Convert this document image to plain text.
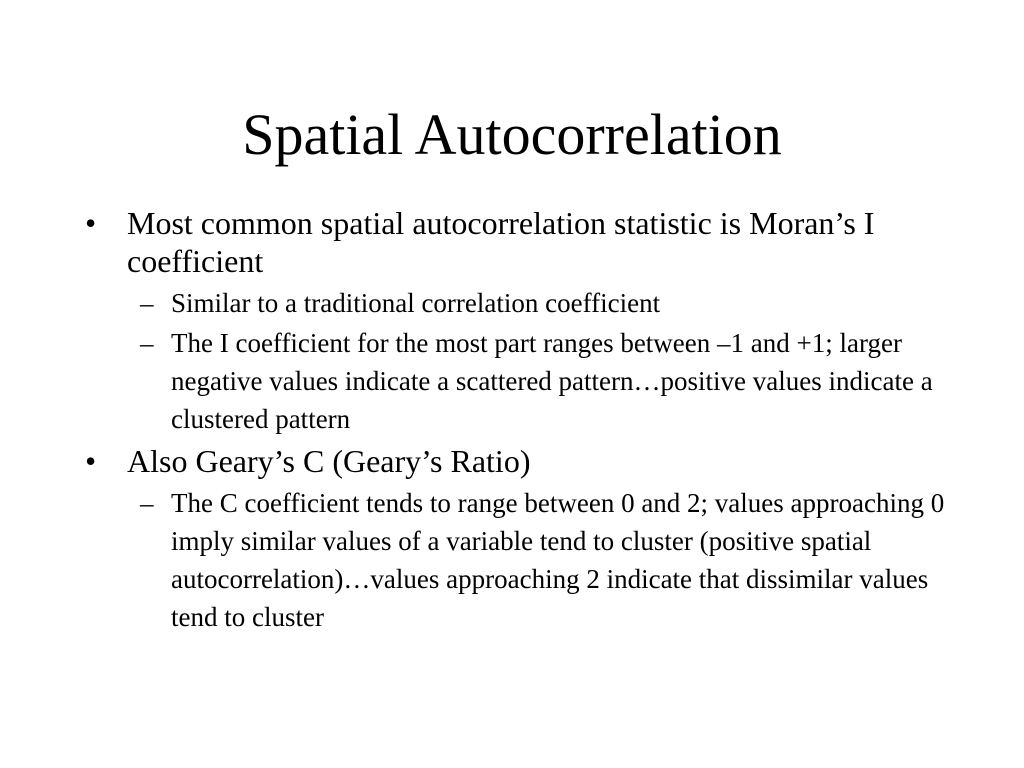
Spatial Autocorrelation
• Most common spatial autocorrelation statistic is Moran’s I coefficient
– Similar to a traditional correlation coefficient
– The I coefficient for the most part ranges between –1 and +1; larger negative values indicate a scattered pattern…positive values indicate a clustered pattern
• Also Geary’s C (Geary’s Ratio)
– The C coefficient tends to range between 0 and 2; values approaching 0 imply similar values of a variable tend to cluster (positive spatial autocorrelation)…values approaching 2 indicate that dissimilar values tend to cluster
